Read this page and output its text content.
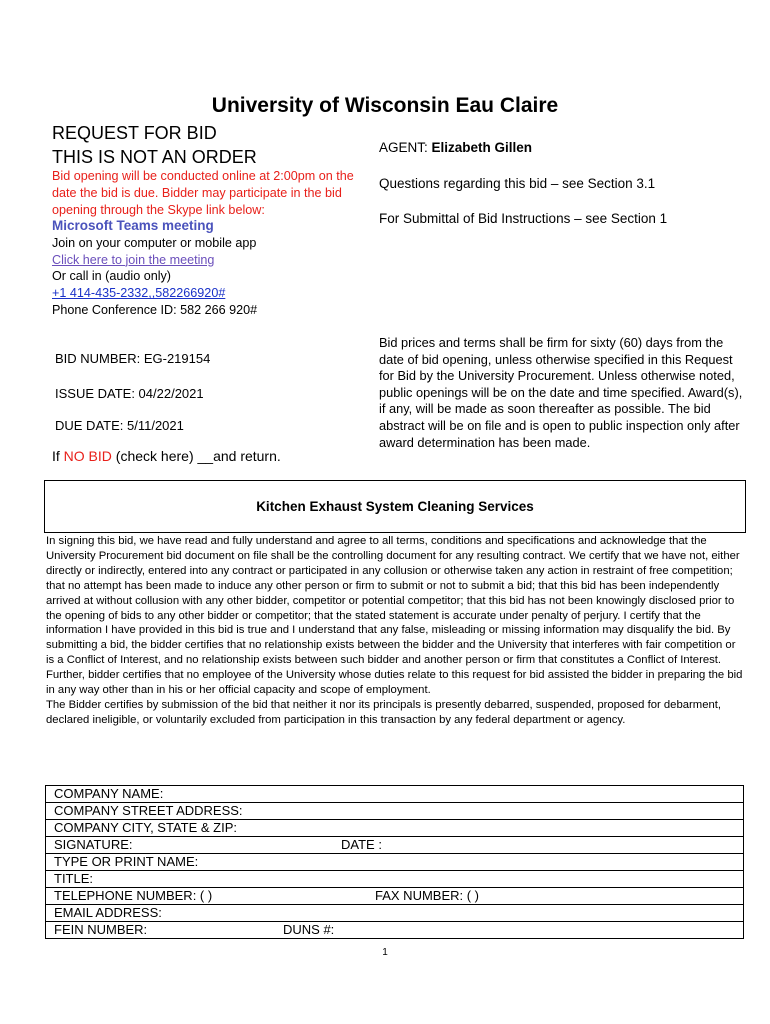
University of Wisconsin Eau Claire
REQUEST FOR BID
THIS IS NOT AN ORDER	AGENT: Elizabeth Gillen
Bid opening will be conducted online at 2:00pm on the date the bid is due. Bidder may participate in the bid opening through the Skype link below:
Microsoft Teams meeting
Join on your computer or mobile app
Click here to join the meeting
Or call in (audio only)
+1 414-435-2332,,582266920#
Phone Conference ID: 582 266 920#
Questions regarding this bid – see Section 3.1
For Submittal of Bid Instructions – see Section 1
BID NUMBER: EG-219154
ISSUE DATE: 04/22/2021
DUE DATE: 5/11/2021
If NO BID (check here) __and return.
Bid prices and terms shall be firm for sixty (60) days from the date of bid opening, unless otherwise specified in this Request for Bid by the University Procurement. Unless otherwise noted, public openings will be on the date and time specified. Award(s), if any, will be made as soon thereafter as possible. The bid abstract will be on file and is open to public inspection only after award determination has been made.
Kitchen Exhaust System Cleaning Services
In signing this bid, we have read and fully understand and agree to all terms, conditions and specifications and acknowledge that the University Procurement bid document on file shall be the controlling document for any resulting contract. We certify that we have not, either directly or indirectly, entered into any contract or participated in any collusion or otherwise taken any action in restraint of free competition; that no attempt has been made to induce any other person or firm to submit or not to submit a bid; that this bid has been independently arrived at without collusion with any other bidder, competitor or potential competitor; that this bid has not been knowingly disclosed prior to the opening of bids to any other bidder or competitor; that the stated statement is accurate under penalty of perjury. I certify that the information I have provided in this bid is true and I understand that any false, misleading or missing information may disqualify the bid. By submitting a bid, the bidder certifies that no relationship exists between the bidder and the University that interferes with fair competition or is a Conflict of Interest, and no relationship exists between such bidder and another person or firm that constitutes a Conflict of Interest. Further, bidder certifies that no employee of the University whose duties relate to this request for bid assisted the bidder in preparing the bid in any way other than in his or her official capacity and scope of employment.
The Bidder certifies by submission of the bid that neither it nor its principals is presently debarred, suspended, proposed for debarment, declared ineligible, or voluntarily excluded from participation in this transaction by any federal department or agency.
COMPANY NAME:
COMPANY STREET ADDRESS:
COMPANY CITY, STATE & ZIP:
SIGNATURE:	DATE :

TYPE OR PRINT NAME:
TITLE:
TELEPHONE NUMBER: ( )	FAX NUMBER: ( )

EMAIL ADDRESS:
FEIN NUMBER:	DUNS #:
1
